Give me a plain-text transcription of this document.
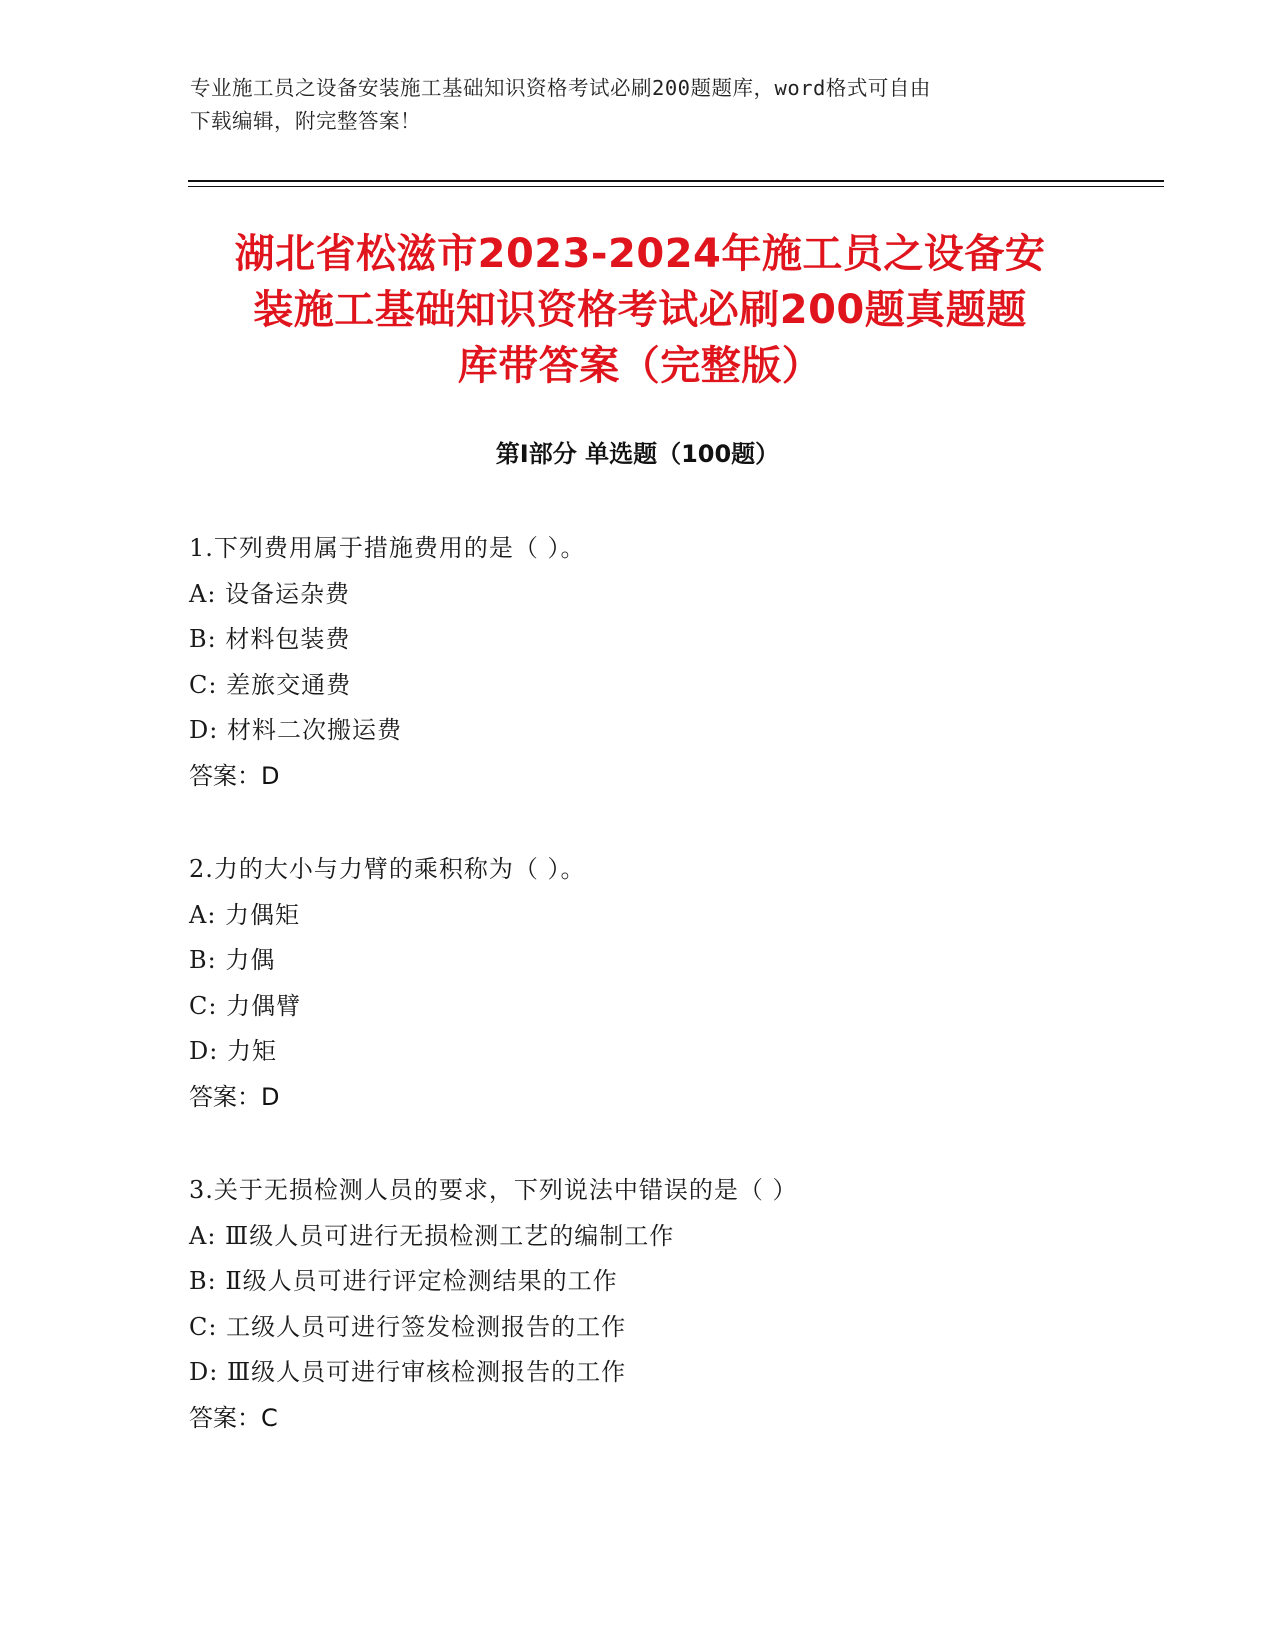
专业施工员之设备安装施工基础知识资格考试必刷200题题库，word格式可自由
下载编辑，附完整答案！
湖北省松滋市2023-2024年施工员之设备安
装施工基础知识资格考试必刷200题真题题
库带答案（完整版）
第Ⅰ部分 单选题（100题）
1.下列费用属于措施费用的是（ ）。
A: 设备运杂费
B: 材料包装费
C: 差旅交通费
D: 材料二次搬运费
答案：D
2.力的大小与力臂的乘积称为（ ）。
A: 力偶矩
B: 力偶
C: 力偶臂
D: 力矩
答案：D
3.关于无损检测人员的要求，下列说法中错误的是（ ）
A: Ⅲ级人员可进行无损检测工艺的编制工作
B: Ⅱ级人员可进行评定检测结果的工作
C: 工级人员可进行签发检测报告的工作
D: Ⅲ级人员可进行审核检测报告的工作
答案：C
